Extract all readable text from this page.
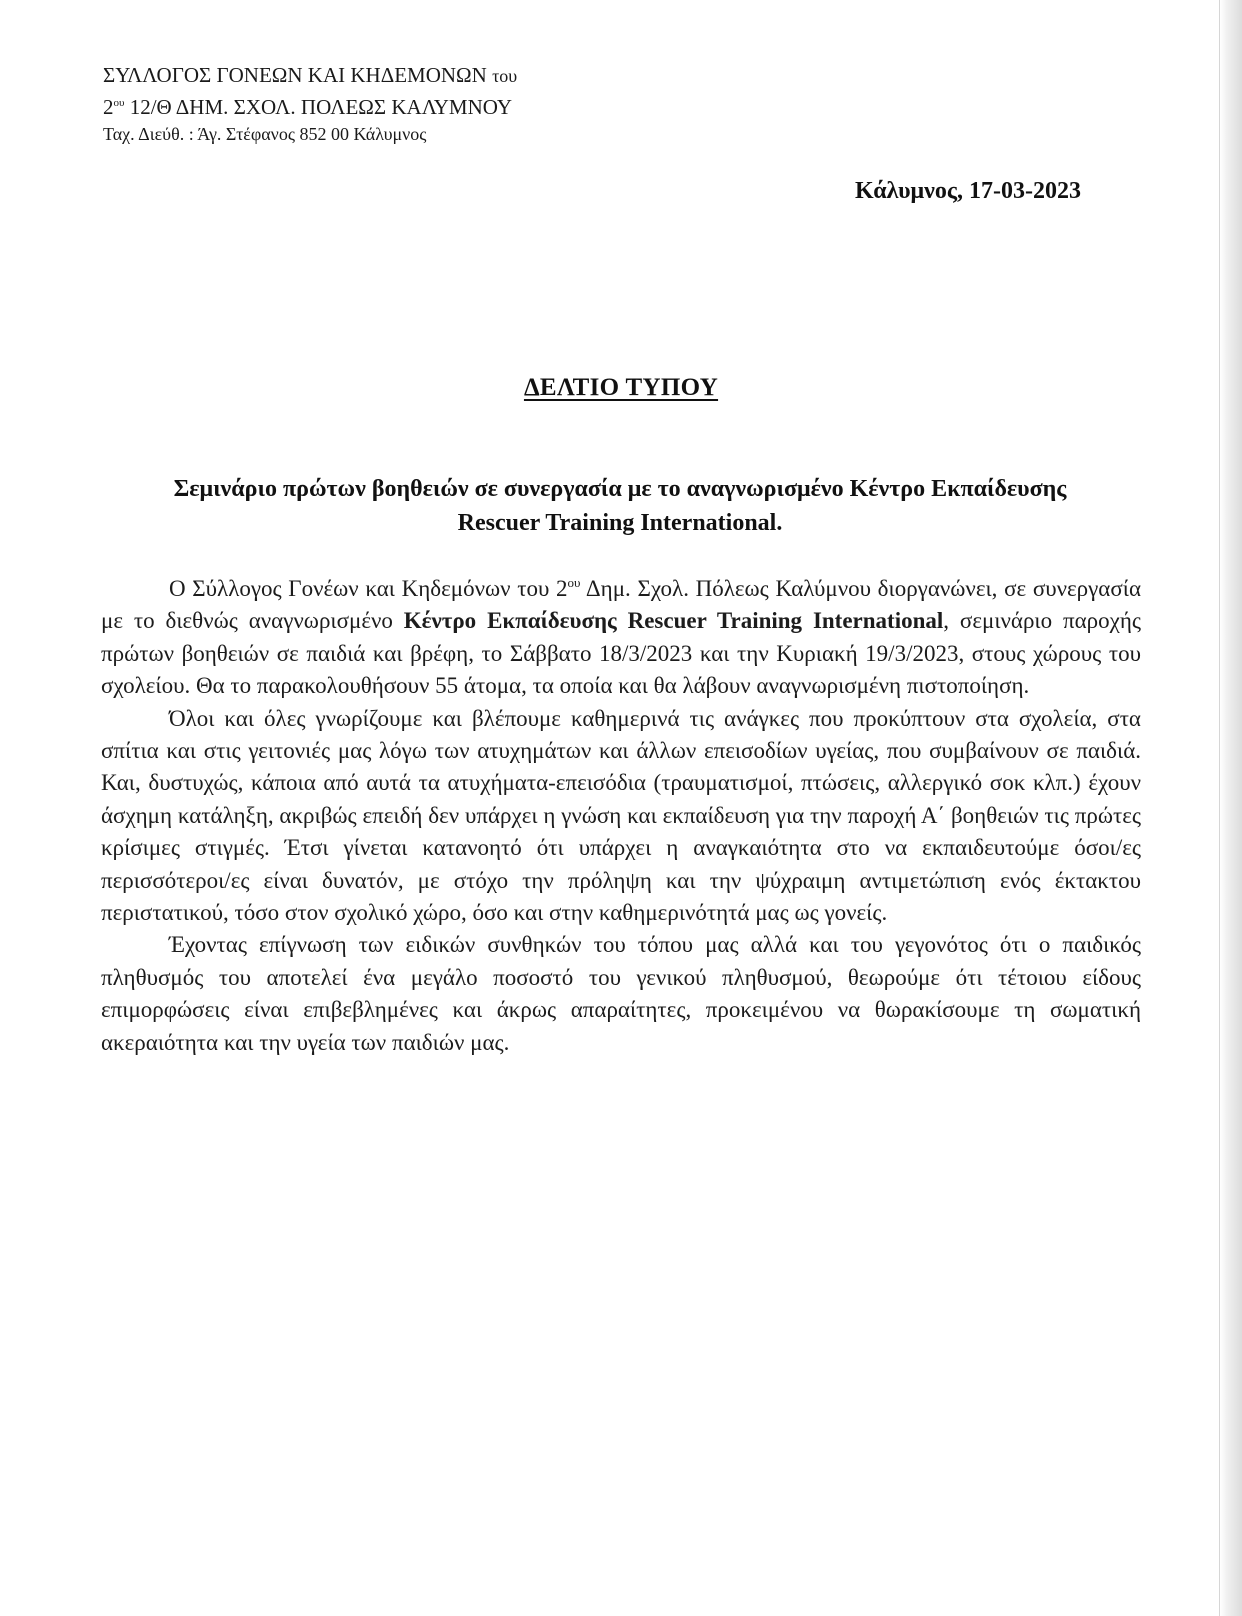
ΣΥΛΛΟΓΟΣ ΓΟΝΕΩΝ ΚΑΙ ΚΗΔΕΜΟΝΩΝ του
$2^{o\upsilon}$ 12/Θ ΔΗΜ. ΣΧΟΛ. ΠΟΛΕΩΣ ΚΑΛΥΜΝΟΥ
Ταχ. Διεύθ. : Άγ. Στέφανος 852 00 Κάλυμνος
Κάλυμνος, 17-03-2023
ΔΕΛΤΙΟ ΤΥΠΟΥ
Σεμινάριο πρώτων βοηθειών σε συνεργασία με το αναγνωρισμένο Κέντρο Εκπαίδευσης Rescuer Training International.

Ο Σύλλογος Γονέων και Κηδεμόνων του $2^{o\upsilon}$ Δημ. Σχολ. Πόλεως Καλύμνου διοργανώνει, σε συνεργασία με το διεθνώς αναγνωρισμένο Κέντρο Εκπαίδευσης Rescuer Training International, σεμινάριο παροχής πρώτων βοηθειών σε παιδιά και βρέφη, το Σάββατο 18/3/2023 και την Κυριακή 19/3/2023, στους χώρους του σχολείου. Θα το παρακολουθήσουν 55 άτομα, τα οποία και θα λάβουν αναγνωρισμένη πιστοποίηση.

Όλοι και όλες γνωρίζουμε και βλέπουμε καθημερινά τις ανάγκες που προκύπτουν στα σχολεία, στα σπίτια και στις γειτονιές μας λόγω των ατυχημάτων και άλλων επεισοδίων υγείας, που συμβαίνουν σε παιδιά. Και, δυστυχώς, κάποια από αυτά τα ατυχήματα-επεισόδια (τραυματισμοί, πτώσεις, αλλεργικό σοκ κλπ.) έχουν άσχημη κατάληξη, ακριβώς επειδή δεν υπάρχει η γνώση και εκπαίδευση για την παροχή Α΄ βοηθειών τις πρώτες κρίσιμες στιγμές. Έτσι γίνεται κατανοητό ότι υπάρχει η αναγκαιότητα στο να εκπαιδευτούμε όσοι/ες περισσότεροι/ες είναι δυνατόν, με στόχο την πρόληψη και την ψύχραιμη αντιμετώπιση ενός έκτακτου περιστατικού, τόσο στον σχολικό χώρο, όσο και στην καθημερινότητά μας ως γονείς.

Έχοντας επίγνωση των ειδικών συνθηκών του τόπου μας αλλά και του γεγονότος ότι ο παιδικός πληθυσμός του αποτελεί ένα μεγάλο ποσοστό του γενικού πληθυσμού, θεωρούμε ότι τέτοιου είδους επιμορφώσεις είναι επιβεβλημένες και άκρως απαραίτητες, προκειμένου να θωρακίσουμε τη σωματική ακεραιότητα και την υγεία των παιδιών μας.
